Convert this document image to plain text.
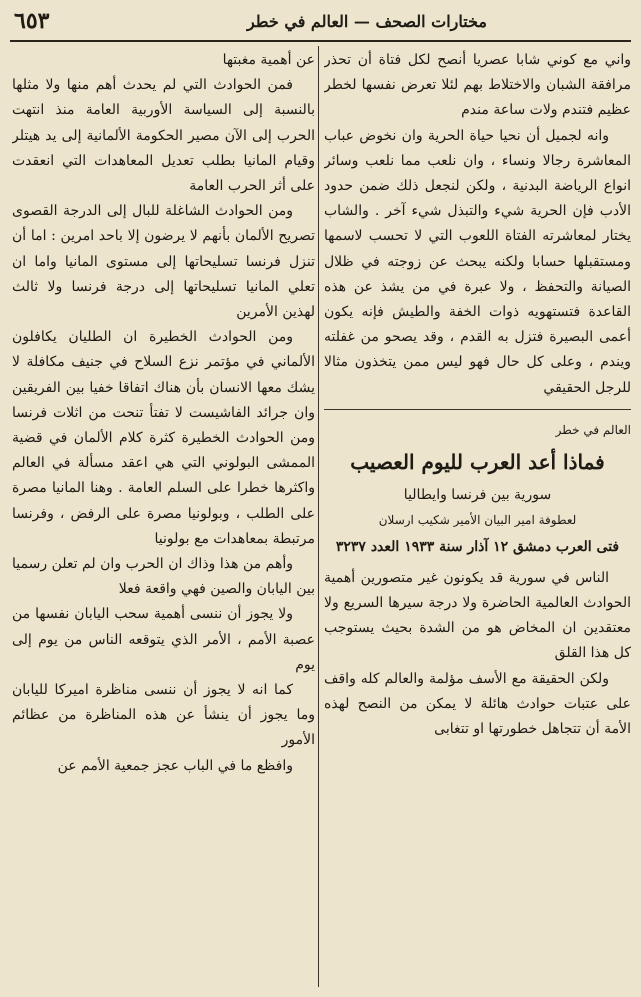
مختارات الصحف — العالم في خطر
٦٥٣

واني مع كوني شابا عصريا أنصح لكل فتاة أن تحذر مرافقة الشبان والاختلاط بهم لئلا تعرض نفسها لخطر عظيم فتندم ولات ساعة مندم

وانه لجميل أن نحيا حياة الحرية وان نخوض عباب المعاشرة رجالا ونساء ، وان نلعب مما نلعب وسائر انواع الرياضة البدنية ، ولكن لنجعل ذلك ضمن حدود الأدب فإن الحرية شيء والتبذل شيء آخر . والشاب يختار لمعاشرته الفتاة اللعوب التي لا تحسب لاسمها ومستقبلها حسابا ولكنه يبحث عن زوجته في ظلال الصيانة والتحفظ ، ولا عبرة في من يشذ عن هذه القاعدة فتستهويه ذوات الخفة والطيش فإنه يكون أعمى البصيرة فتزل به القدم ، وقد يصحو من غفلته ويندم ، وعلى كل حال فهو ليس ممن يتخذون مثالا للرجل الحقيقي

العالم في خطر
فماذا أعد العرب لليوم العصيب
سورية بين فرنسا وايطاليا
لعطوفة امير البيان الأمير شكيب ارسلان
فتى العرب دمشق ١٢ آذار سنة ١٩٣٣ العدد ٣٢٣٧

الناس في سورية قد يكونون غير متصورين أهمية الحوادث العالمية الحاضرة ولا درجة سيرها السريع ولا معتقدين ان المخاض هو من الشدة بحيث يستوجب كل هذا القلق

ولكن الحقيقة مع الأسف مؤلمة والعالم كله واقف على عتبات حوادث هائلة لا يمكن من النصح لهذه الأمة أن تتجاهل خطورتها او تتغابى

عن أهمية مغبتها

فمن الحوادث التي لم يحدث أهم منها ولا مثلها بالنسبة إلى السياسة الأوربية العامة منذ انتهت الحرب إلى الآن مصير الحكومة الألمانية إلى يد هيتلر وقيام المانيا بطلب تعديل المعاهدات التي انعقدت على أثر الحرب العامة

ومن الحوادث الشاغلة للبال إلى الدرجة القصوى تصريح الألمان بأنهم لا يرضون إلا باحد امرين : اما أن تنزل فرنسا تسليحاتها إلى مستوى المانيا واما ان تعلي المانيا تسليحاتها إلى درجة فرنسا ولا ثالث لهذين الأمرين

ومن الحوادث الخطيرة ان الطليان يكافلون الألماني في مؤتمر نزع السلاح في جنيف مكافلة لا يشك معها الانسان بأن هناك اتفاقا خفيا بين الفريقين وان جرائد الفاشيست لا تفتأ تنحت من اثلات فرنسا ومن الحوادث الخطيرة كثرة كلام الألمان في قضية الممشى البولوني التي هي اعقد مسألة في العالم واكثرها خطرا على السلم العامة . وهنا المانيا مصرة على الطلب ، وبولونيا مصرة على الرفض ، وفرنسا مرتبطة بمعاهدات مع بولونيا

وأهم من هذا وذاك ان الحرب وان لم تعلن رسميا بين اليابان والصين فهي واقعة فعلا

ولا يجوز أن ننسى أهمية سحب اليابان نفسها من عصبة الأمم ، الأمر الذي يتوقعه الناس من يوم إلى يوم

كما انه لا يجوز أن ننسى مناظرة اميركا لليابان وما يجوز أن ينشأ عن هذه المناظرة من عظائم الأمور

وافظع ما في الباب عجز جمعية الأمم عن
